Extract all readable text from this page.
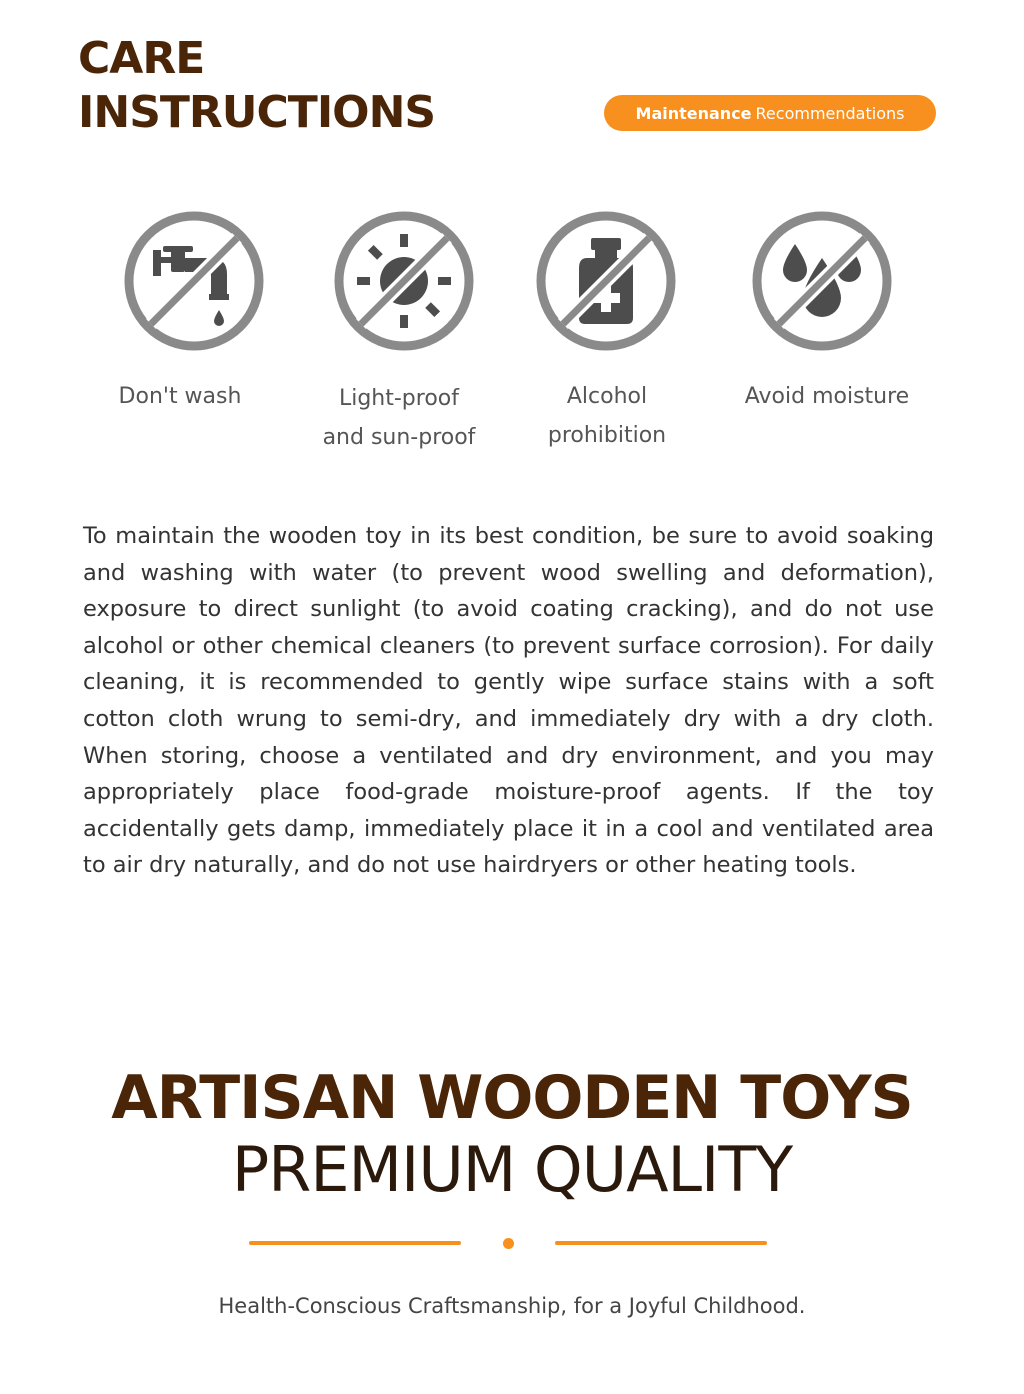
CARE
INSTRUCTIONS	Maintenance Recommendations
Don't wash	Light-proof
and sun-proof
Alcohol
prohibition
Avoid moisture
To maintain the wooden toy in its best condition, be sure to avoid soaking and washing with water (to prevent wood swelling and deformation), exposure to direct sunlight (to avoid coating cracking), and do not use alcohol or other chemical cleaners (to prevent surface corrosion). For daily cleaning, it is recommended to gently wipe surface stains with a soft cotton cloth wrung to semi-dry, and immediately dry with a dry cloth. When storing, choose a ventilated and dry environment, and you may appropriately place food-grade moisture-proof agents. If the toy accidentally gets damp, immediately place it in a cool and ventilated area to air dry naturally, and do not use hairdryers or other heating tools.
ARTISAN WOODEN TOYS
PREMIUM QUALITY
Health-Conscious Craftsmanship, for a Joyful Childhood.
